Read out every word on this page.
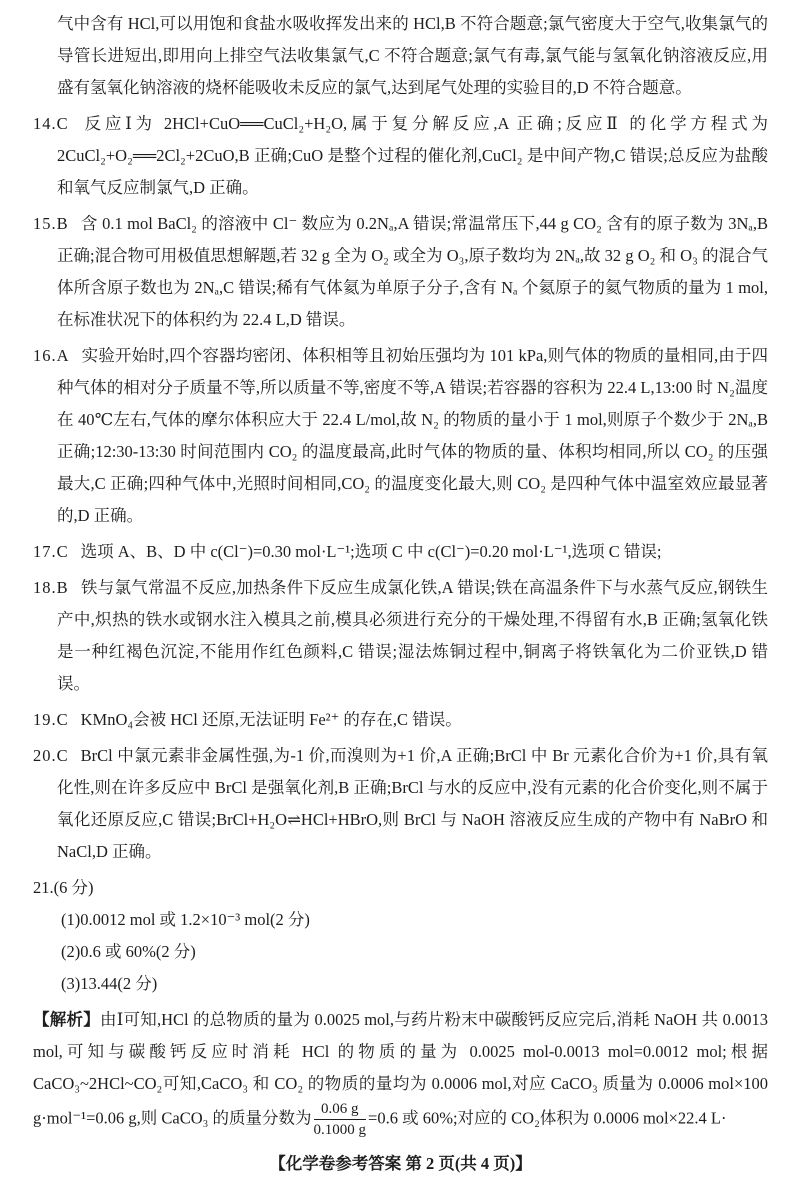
气中含有 HCl,可以用饱和食盐水吸收挥发出来的 HCl,B 不符合题意;氯气密度大于空气,收集氯气的导管长进短出,即用向上排空气法收集氯气,C 不符合题意;氯气有毒,氯气能与氢氧化钠溶液反应,用盛有氢氧化钠溶液的烧杯能吸收未反应的氯气,达到尾气处理的实验目的,D 不符合题意。

14.C 反应Ⅰ为 2HCl+CuO══CuCl₂+H₂O,属于复分解反应,A 正确;反应Ⅱ 的化学方程式为 2CuCl₂+O₂══2Cl₂+2CuO,B 正确;CuO 是整个过程的催化剂,CuCl₂ 是中间产物,C 错误;总反应为盐酸和氧气反应制氯气,D 正确。

15.B 含 0.1 mol BaCl₂ 的溶液中 Cl⁻ 数应为 0.2Nₐ,A 错误;常温常压下,44 g CO₂ 含有的原子数为 3Nₐ,B 正确;混合物可用极值思想解题,若 32 g 全为 O₂ 或全为 O₃,原子数均为 2Nₐ,故 32 g O₂ 和 O₃ 的混合气体所含原子数也为 2Nₐ,C 错误;稀有气体氦为单原子分子,含有 Nₐ 个氦原子的氦气物质的量为 1 mol,在标准状况下的体积约为 22.4 L,D 错误。

16.A 实验开始时,四个容器均密闭、体积相等且初始压强均为 101 kPa,则气体的物质的量相同,由于四种气体的相对分子质量不等,所以质量不等,密度不等,A 错误;若容器的容积为 22.4 L,13:00 时 N₂温度在 40℃左右,气体的摩尔体积应大于 22.4 L/mol,故 N₂ 的物质的量小于 1 mol,则原子个数少于 2Nₐ,B 正确;12:30-13:30 时间范围内 CO₂ 的温度最高,此时气体的物质的量、体积均相同,所以 CO₂ 的压强最大,C 正确;四种气体中,光照时间相同,CO₂ 的温度变化最大,则 CO₂ 是四种气体中温室效应最显著的,D 正确。

17.C 选项 A、B、D 中 c(Cl⁻)=0.30 mol·L⁻¹;选项 C 中 c(Cl⁻)=0.20 mol·L⁻¹,选项 C 错误;

18.B 铁与氯气常温不反应,加热条件下反应生成氯化铁,A 错误;铁在高温条件下与水蒸气反应,钢铁生产中,炽热的铁水或钢水注入模具之前,模具必须进行充分的干燥处理,不得留有水,B 正确;氢氧化铁是一种红褐色沉淀,不能用作红色颜料,C 错误;湿法炼铜过程中,铜离子将铁氧化为二价亚铁,D 错误。

19.C KMnO₄会被 HCl 还原,无法证明 Fe²⁺ 的存在,C 错误。

20.C BrCl 中氯元素非金属性强,为-1 价,而溴则为+1 价,A 正确;BrCl 中 Br 元素化合价为+1 价,具有氧化性,则在许多反应中 BrCl 是强氧化剂,B 正确;BrCl 与水的反应中,没有元素的化合价变化,则不属于氧化还原反应,C 错误;BrCl+H₂O⇌HCl+HBrO,则 BrCl 与 NaOH 溶液反应生成的产物中有 NaBrO 和 NaCl,D 正确。

21.(6 分)

(1)0.0012 mol 或 1.2×10⁻³ mol(2 分)

(2)0.6 或 60%(2 分)

(3)13.44(2 分)

【解析】由Ⅰ可知,HCl 的总物质的量为 0.0025 mol,与药片粉末中碳酸钙反应完后,消耗 NaOH 共 0.0013 mol,可知与碳酸钙反应时消耗 HCl 的物质的量为 0.0025 mol-0.0013 mol=0.0012 mol;根据 CaCO₃~2HCl~CO₂可知,CaCO₃ 和 CO₂ 的物质的量均为 0.0006 mol,对应 CaCO₃ 质量为 0.0006 mol×100 g·mol⁻¹=0.06 g,则 CaCO₃ 的质量分数为 $\frac{0.06 g}{0.1000 g} =0.6$ 或 60%;对应的 CO₂体积为 0.0006 mol×22.4 L·

【化学卷参考答案 第 2 页(共 4 页)】
